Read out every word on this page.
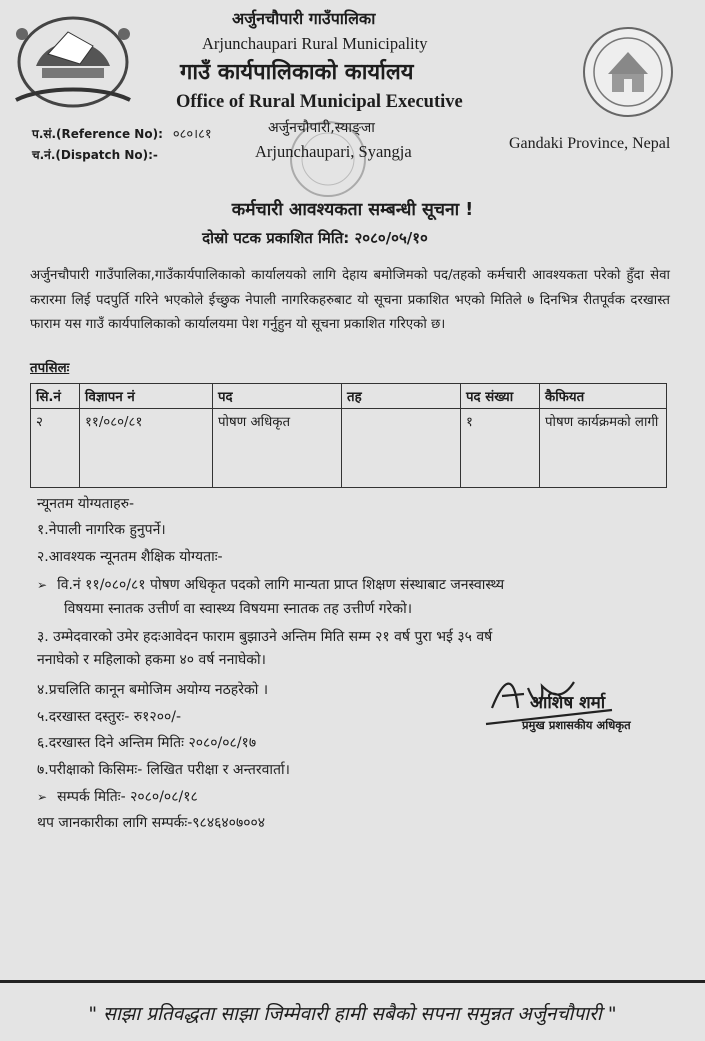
अर्जुनचौपारी गाउँपालिका
Arjunchaupari Rural Municipality
गाउँ कार्यपालिकाको कार्यालय
Office of Rural Municipal Executive
प.सं.(Reference No): ०८०।८१
च.नं.(Dispatch No):-
अर्जुनचौपारी,स्याङ्जा
Arjunchaupari, Syangja	Gandaki Province, Nepal
कर्मचारी आवश्यकता सम्बन्धी सूचना !
दोस्रो पटक प्रकाशित मिति: २०८०/०५/१०
अर्जुनचौपारी गाउँपालिका,गाउँकार्यपालिकाको कार्यालयको लागि देहाय बमोजिमको पद/तहको कर्मचारी आवश्यकता परेको हुँदा सेवा करारमा लिई पदपुर्ति गरिने भएकोले ईच्छुक नेपाली नागरिकहरुबाट यो सूचना प्रकाशित भएको मितिले ७ दिनभित्र रीतपूर्वक दरखास्त फाराम यस गाउँ कार्यपालिकाको कार्यालयमा पेश गर्नुहुन यो सूचना प्रकाशित गरिएको छ।
तपसिलः
सि.नं	विज्ञापन नं	पद	तह	पद संख्या	कैफियत
२	११/०८०/८१	पोषण अधिकृत		१	पोषण कार्यक्रमको लागी
न्यूनतम योग्यताहरु-
१.नेपाली नागरिक हुनुपर्ने।
२.आवश्यक न्यूनतम शैक्षिक योग्यताः-
➢ वि.नं ११/०८०/८१ पोषण अधिकृत पदको लागि मान्यता प्राप्त शिक्षण संस्थाबाट जनस्वास्थ्य
विषयमा स्नातक उत्तीर्ण वा स्वास्थ्य विषयमा स्नातक तह उत्तीर्ण गरेको।
३. उम्मेदवारको उमेर हदःआवेदन फाराम बुझाउने अन्तिम मिति सम्म २१ वर्ष पुरा भई ३५ वर्ष
ननाघेको र महिलाको हकमा ४० वर्ष ननाघेको।
४.प्रचलिति कानून बमोजिम अयोग्य नठहरेको ।
५.दरखास्त दस्तुरः- रु१२००/-
६.दरखास्त दिने अन्तिम मितिः २०८०/०८/१७
७.परीक्षाको किसिमः- लिखित परीक्षा र अन्तरवार्ता।
➢ सम्पर्क मितिः- २०८०/०८/१८
थप जानकारीका लागि सम्पर्कः-९८४६४०७००४
आशिष शर्मा
प्रमुख प्रशासकीय अधिकृत
" साझा प्रतिवद्धता साझा जिम्मेवारी हामी सबैको सपना समुन्नत अर्जुनचौपारी "
